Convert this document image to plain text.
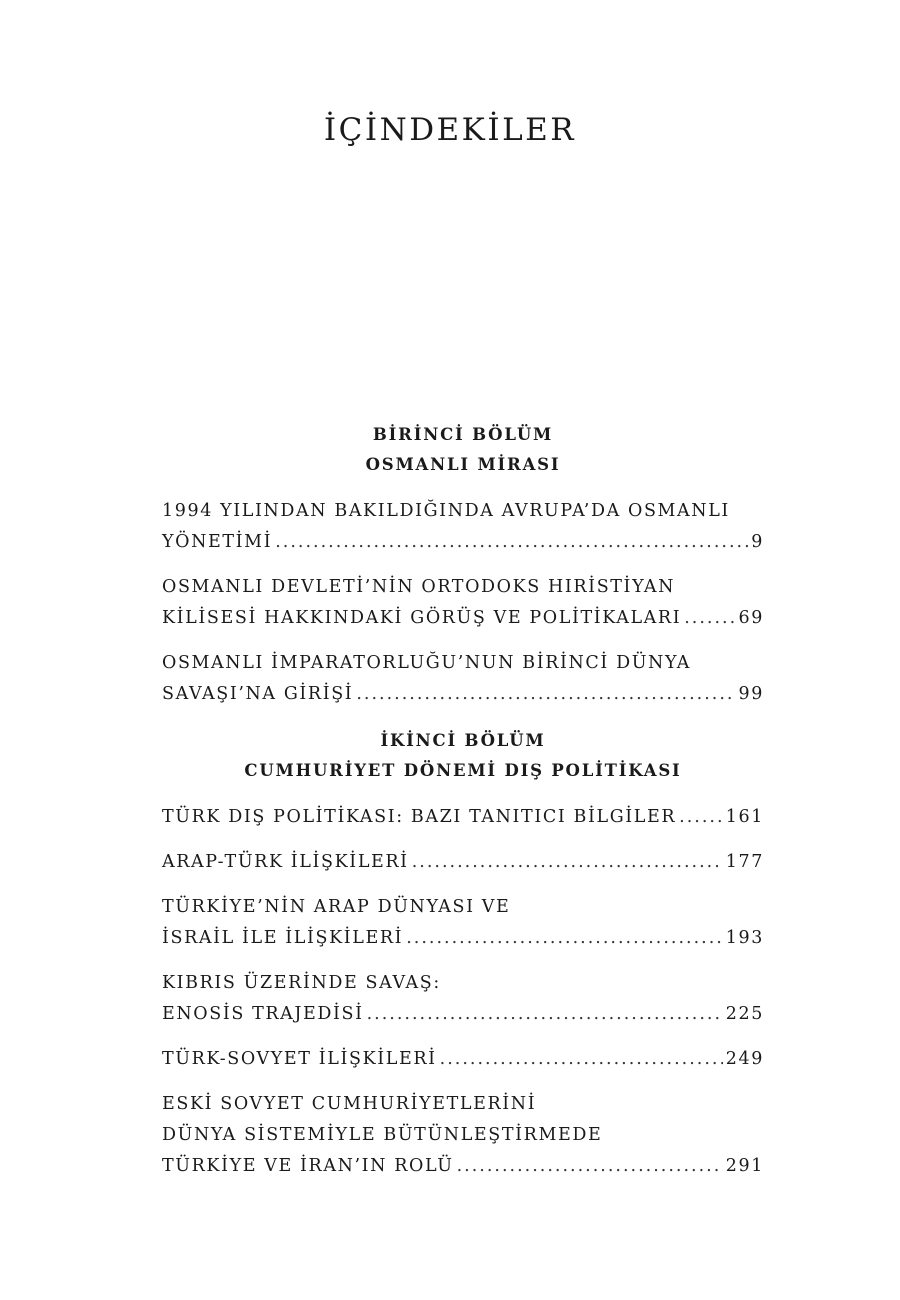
İÇİNDEKİLER
BİRİNCİ BÖLÜM
OSMANLI MİRASI
1994 YILINDAN BAKILDIĞINDA AVRUPA’DA OSMANLI
YÖNETİMİ .....	9
OSMANLI DEVLETİ’NİN ORTODOKS HIRİSTİYAN
KİLİSESİ HAKKINDAKİ GÖRÜŞ VE POLİTİKALARI .....	69
OSMANLI İMPARATORLUĞU’NUN BİRİNCİ DÜNYA
SAVAŞI’NA GİRİŞİ .....	99
İKİNCİ BÖLÜM
CUMHURİYET DÖNEMİ DIŞ POLİTİKASI
TÜRK DIŞ POLİTİKASI: BAZI TANITICI BİLGİLER .....	161
ARAP-TÜRK İLİŞKİLERİ .....	177
TÜRKİYE’NİN ARAP DÜNYASI VE
İSRAİL İLE İLİŞKİLERİ .....	193
KIBRIS ÜZERİNDE SAVAŞ:
ENOSİS TRAJEDİSİ .....	225
TÜRK-SOVYET İLİŞKİLERİ .....	249
ESKİ SOVYET CUMHURİYETLERİNİ
DÜNYA SİSTEMİYLE BÜTÜNLEŞTİRMEDE
TÜRKİYE VE İRAN’IN ROLÜ .....	291
